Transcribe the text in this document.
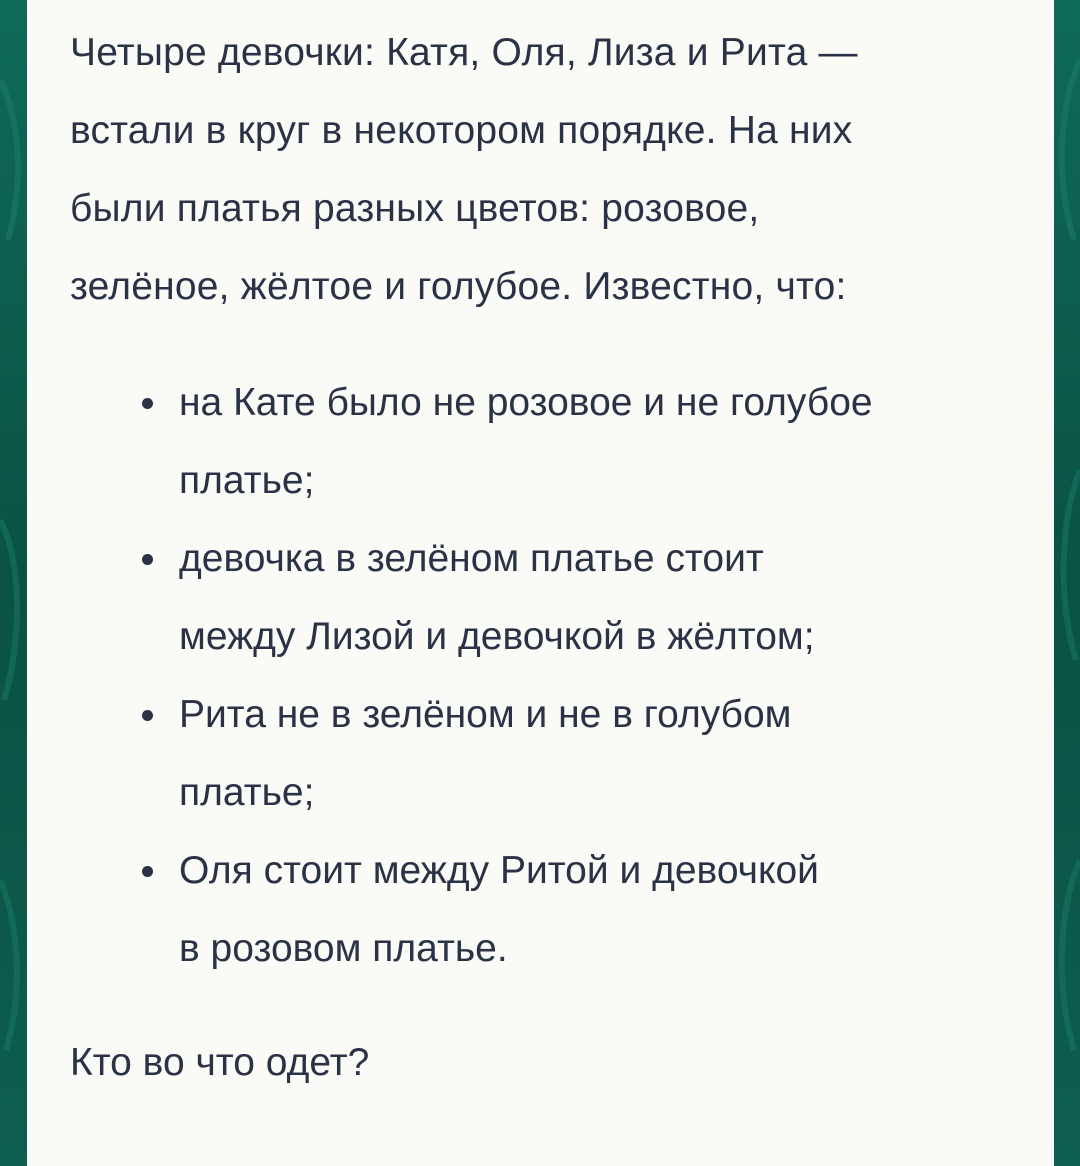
Четыре девочки: Катя, Оля, Лиза и Рита —
встали в круг в некотором порядке. На них
были платья разных цветов: розовое,
зелёное, жёлтое и голубое. Известно, что:

на Кате было не розовое и не голубое
платье;
девочка в зелёном платье стоит
между Лизой и девочкой в жёлтом;
Рита не в зелёном и не в голубом
платье;
Оля стоит между Ритой и девочкой
в розовом платье.

Кто во что одет?
